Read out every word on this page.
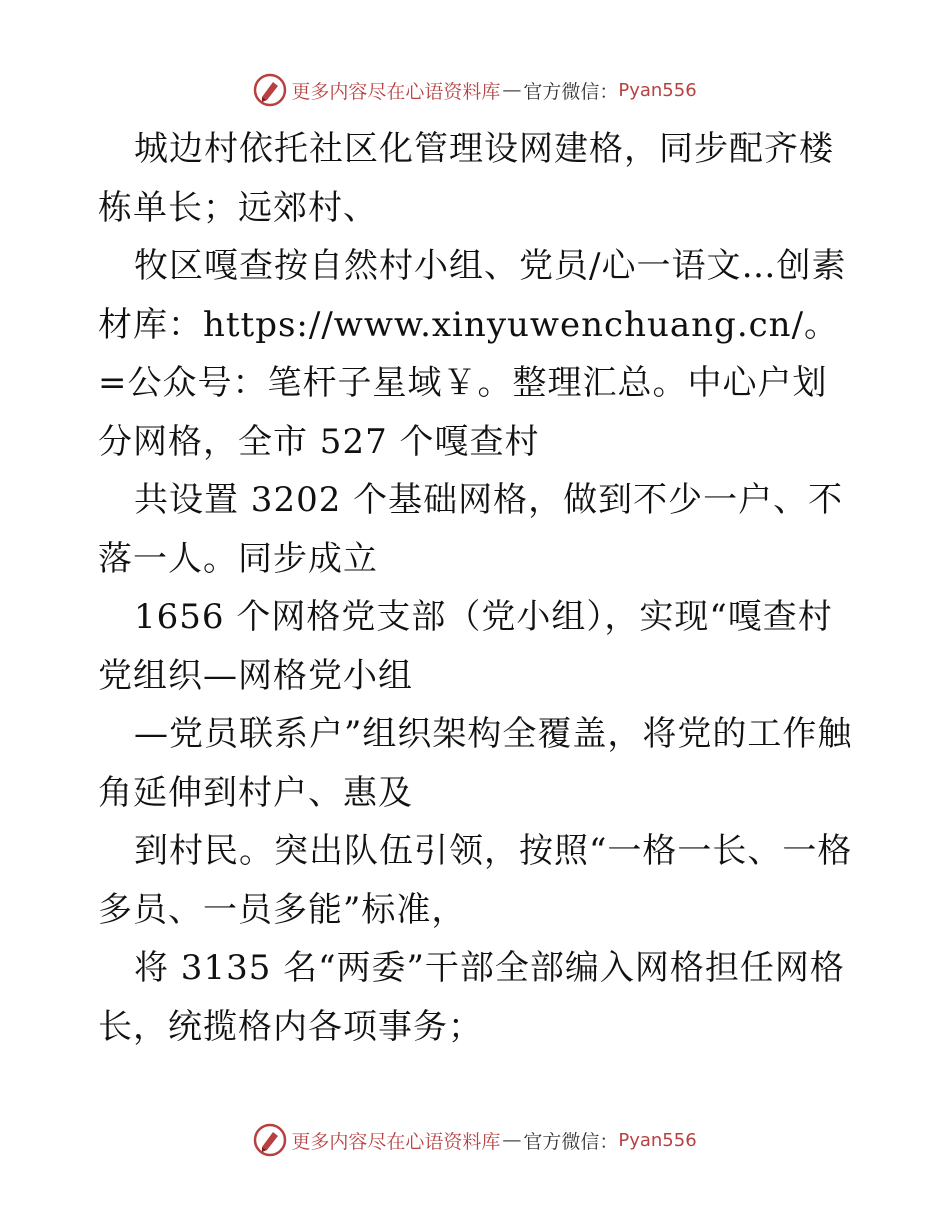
更多内容尽在心语资料库 — 官方微信： Pyan556

城边村依托社区化管理设网建格，同步配齐楼栋单长；远郊村、

牧区嘎查按自然村小组、党员/心一语文…创素材库：https://www.xinyuwenchuang.cn/。=公众号：笔杆子星域￥。整理汇总。中心户划分网格，全市 527 个嘎查村

共设置 3202 个基础网格，做到不少一户、不落一人。同步成立

1656 个网格党支部（党小组），实现“嘎查村党组织—网格党小组

—党员联系户”组织架构全覆盖，将党的工作触角延伸到村户、惠及

到村民。突出队伍引领，按照“一格一长、一格多员、一员多能”标准，

将 3135 名“两委”干部全部编入网格担任网格长，统揽格内各项事务；

更多内容尽在心语资料库 — 官方微信： Pyan556
